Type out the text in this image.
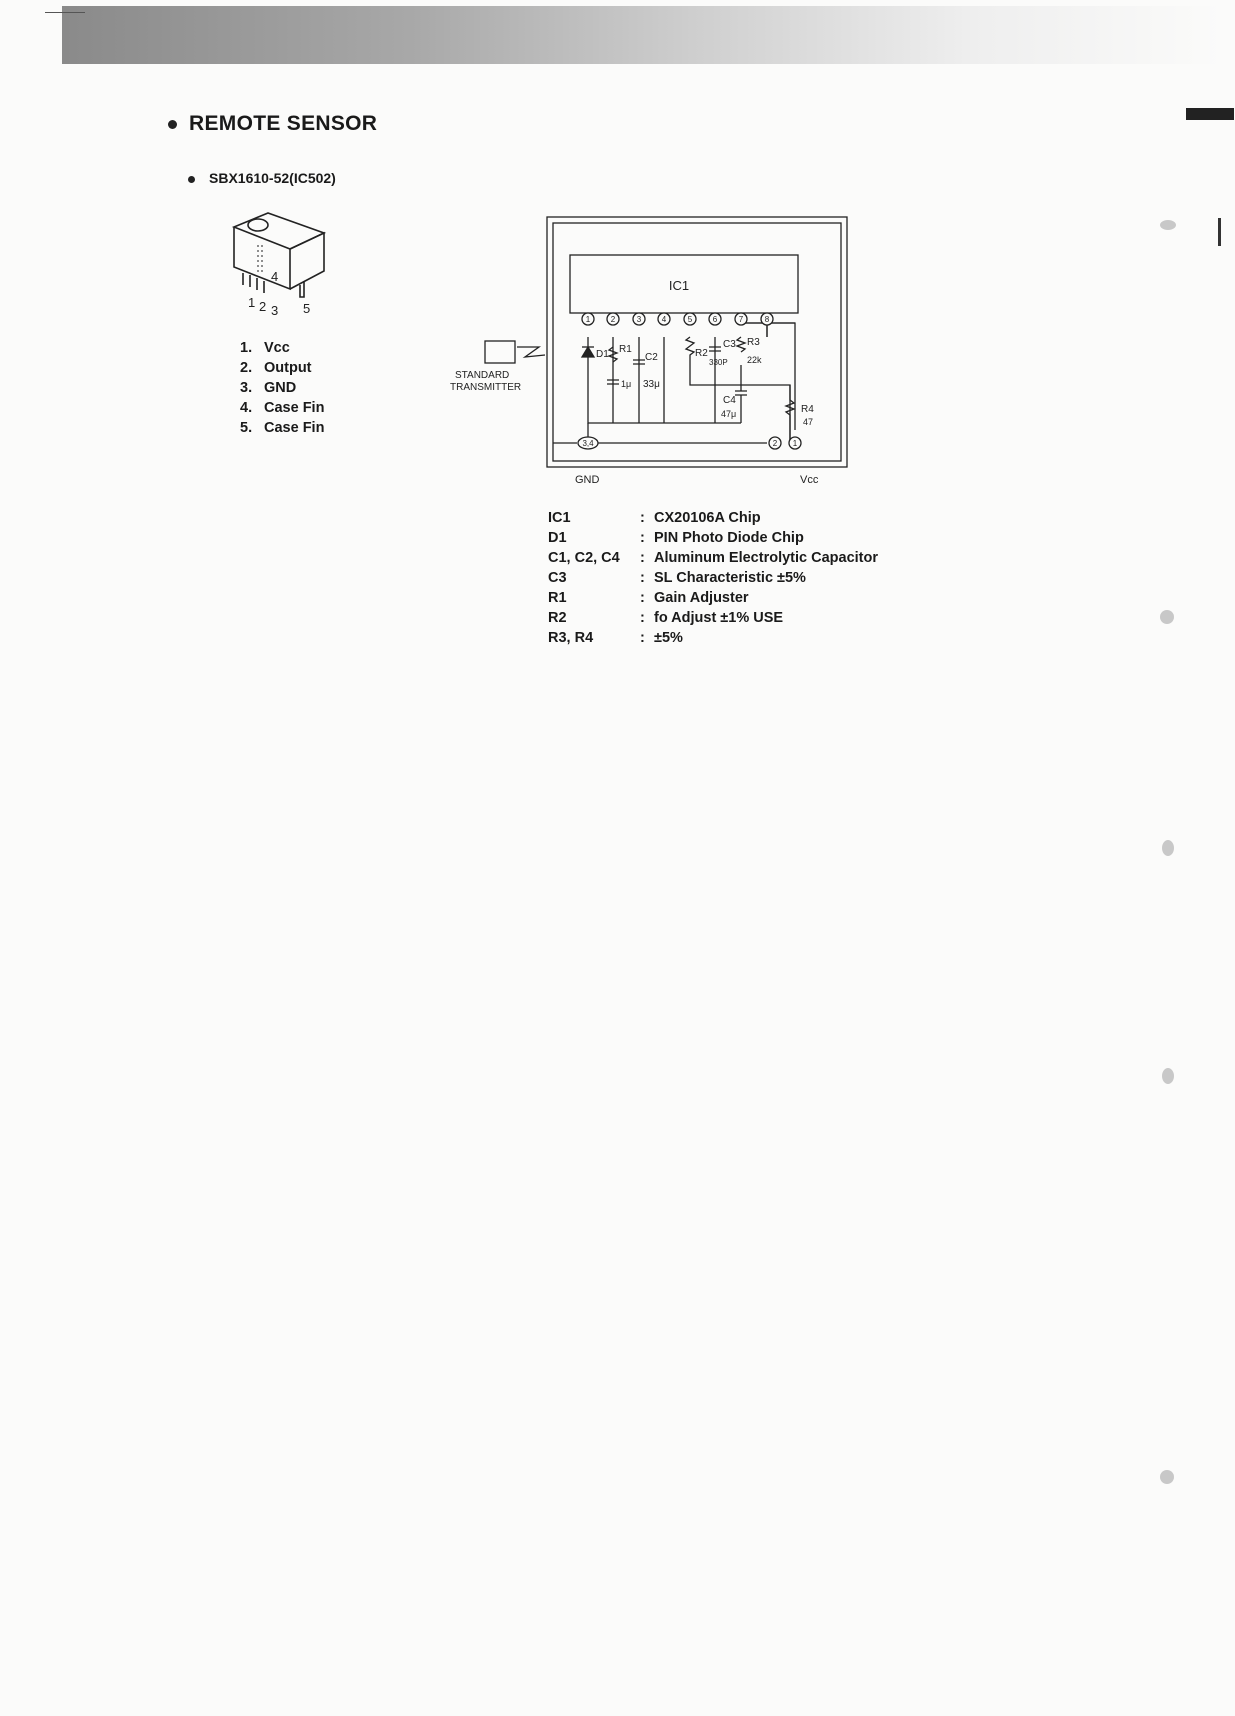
REMOTE SENSOR
SBX1610-52(IC502)
4
1 2 3 5
1. Vcc
2. Output
3. GND
4. Case Fin
5. Case Fin
1	2	3	4	5	6	7	8
3,4	2 1
IC1
STANDARD
TRANSMITTER
D1 R1
1μ
C2
33μ
R2
C3
330P
R3
22k
C4
47μ	R4
47
GND	Vcc
IC1	:	CX20106A Chip
D1	:	PIN Photo Diode Chip
C1, C2, C4	:	Aluminum Electrolytic Capacitor
C3	:	SL Characteristic ±5%
R1	:	Gain Adjuster
R2	:	fo Adjust ±1% USE
R3, R4	:	±5%
